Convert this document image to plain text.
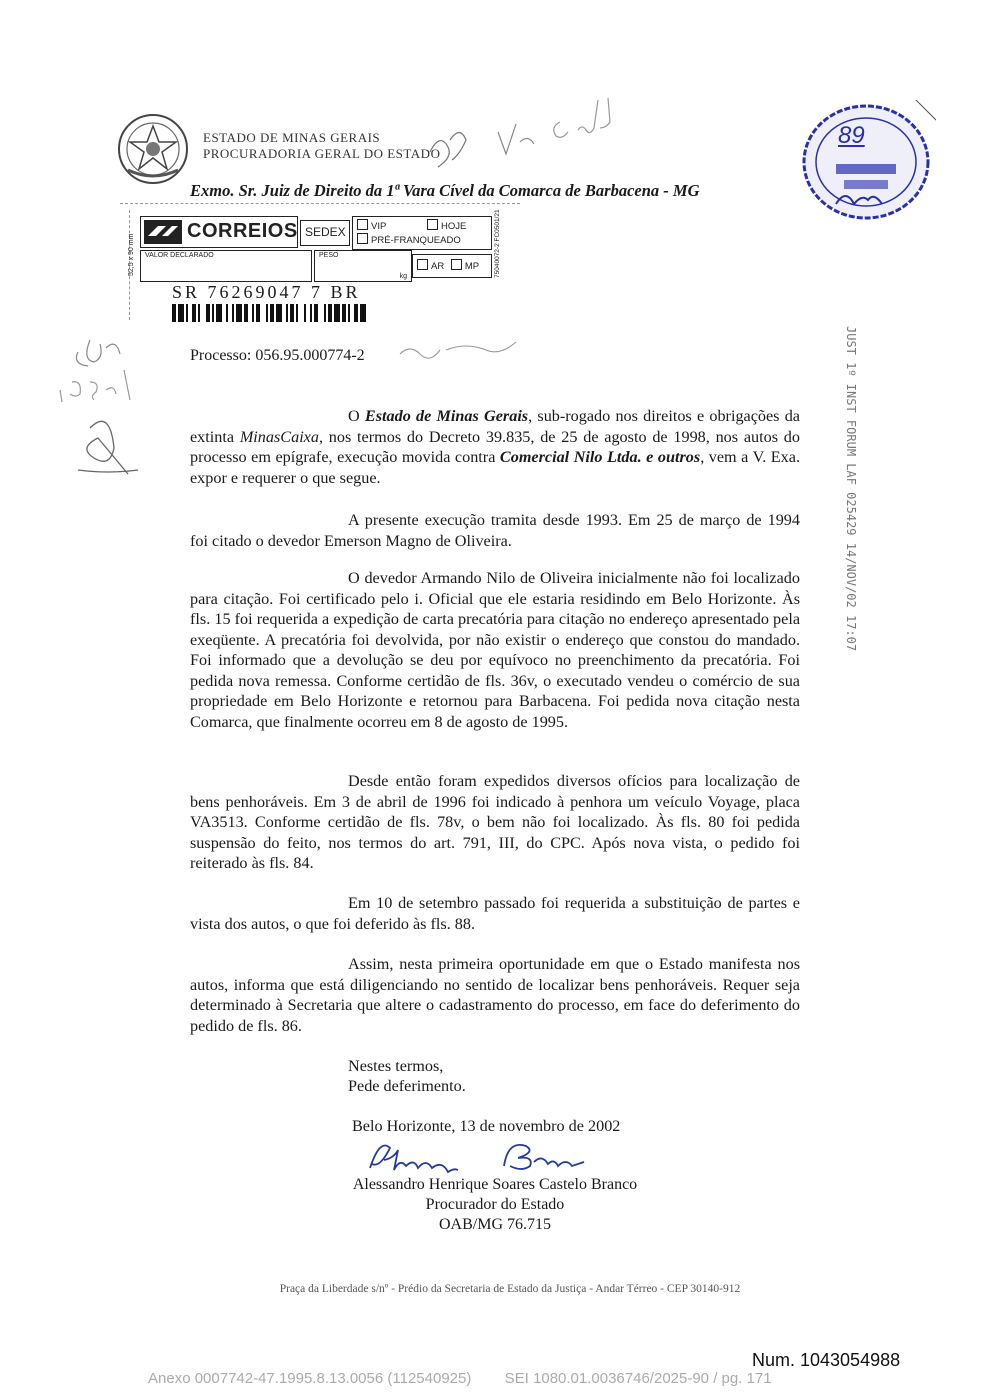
ESTADO DE MINAS GERAIS
PROCURADORIA GERAL DO ESTADO
Exmo. Sr. Juiz de Direito da 1ª Vara Cível da Comarca de Barbacena - MG
52,5 x 90 mm
CORREIOS SEDEX	VIP	HOJE
PRÉ-FRANQUEADO
VALOR DECLARADO	PESO
kg
AR MP 75040072-2 FC0501/21
SR 76269047 7 BR
Processo: 056.95.000774-2	JUST 1º INST FORUM LAF 025429 14/NOV/02 17:07
89

O Estado de Minas Gerais, sub-rogado nos direitos e obrigações da extinta MinasCaixa, nos termos do Decreto 39.835, de 25 de agosto de 1998, nos autos do processo em epígrafe, execução movida contra Comercial Nilo Ltda. e outros, vem a V. Exa. expor e requerer o que segue.

A presente execução tramita desde 1993. Em 25 de março de 1994 foi citado o devedor Emerson Magno de Oliveira.

O devedor Armando Nilo de Oliveira inicialmente não foi localizado para citação. Foi certificado pelo i. Oficial que ele estaria residindo em Belo Horizonte. Às fls. 15 foi requerida a expedição de carta precatória para citação no endereço apresentado pela exeqüente. A precatória foi devolvida, por não existir o endereço que constou do mandado. Foi informado que a devolução se deu por equívoco no preenchimento da precatória. Foi pedida nova remessa. Conforme certidão de fls. 36v, o executado vendeu o comércio de sua propriedade em Belo Horizonte e retornou para Barbacena. Foi pedida nova citação nesta Comarca, que finalmente ocorreu em 8 de agosto de 1995.

Desde então foram expedidos diversos ofícios para localização de bens penhoráveis. Em 3 de abril de 1996 foi indicado à penhora um veículo Voyage, placa VA3513. Conforme certidão de fls. 78v, o bem não foi localizado. Às fls. 80 foi pedida suspensão do feito, nos termos do art. 791, III, do CPC. Após nova vista, o pedido foi reiterado às fls. 84.

Em 10 de setembro passado foi requerida a substituição de partes e vista dos autos, o que foi deferido às fls. 88.

Assim, nesta primeira oportunidade em que o Estado manifesta nos autos, informa que está diligenciando no sentido de localizar bens penhoráveis. Requer seja determinado à Secretaria que altere o cadastramento do processo, em face do deferimento do pedido de fls. 86.

Nestes termos,
Pede deferimento.
Belo Horizonte, 13 de novembro de 2002
Alessandro Henrique Soares Castelo Branco
Procurador do Estado
OAB/MG 76.715
Praça da Liberdade s/nº - Prédio da Secretaria de Estado da Justiça - Andar Térreo - CEP 30140-912
Num. 1043054988
Anexo 0007742-47.1995.8.13.0056 (112540925)        SEI 1080.01.0036746/2025-90 / pg. 171
